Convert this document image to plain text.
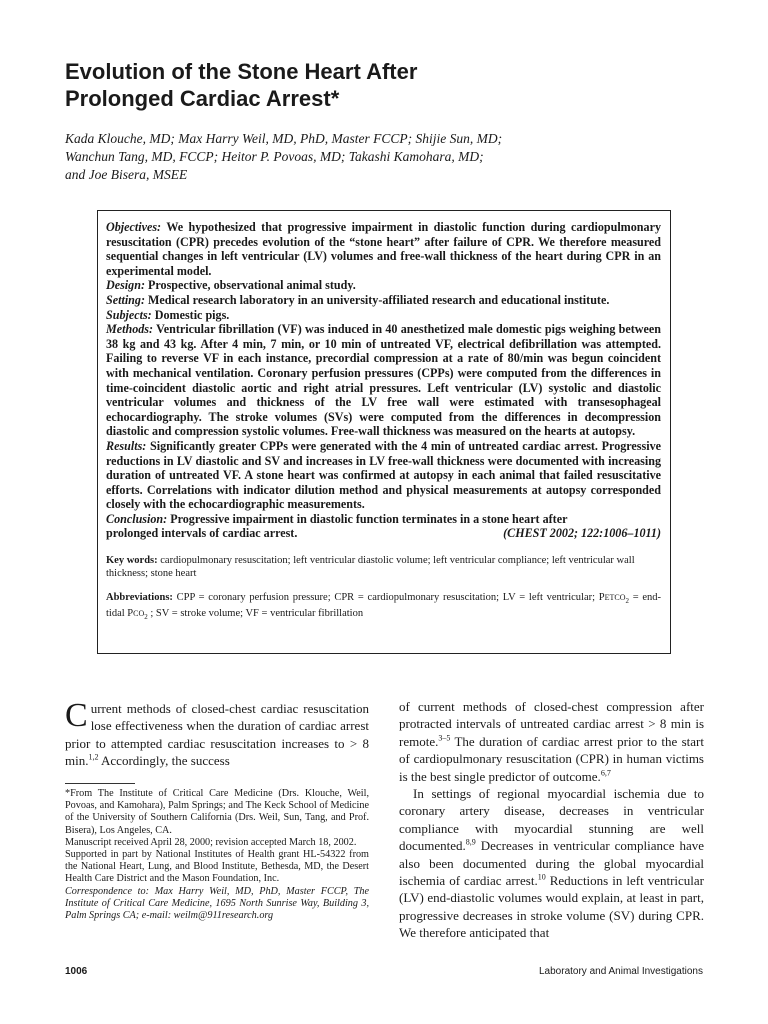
Evolution of the Stone Heart After
Prolonged Cardiac Arrest*
Kada Klouche, MD; Max Harry Weil, MD, PhD, Master FCCP; Shijie Sun, MD;
Wanchun Tang, MD, FCCP; Heitor P. Povoas, MD; Takashi Kamohara, MD;
and Joe Bisera, MSEE

Objectives: We hypothesized that progressive impairment in diastolic function during cardiopulmonary resuscitation (CPR) precedes evolution of the “stone heart” after failure of CPR. We therefore measured sequential changes in left ventricular (LV) volumes and free-wall thickness of the heart during CPR in an experimental model.

Design: Prospective, observational animal study.

Setting: Medical research laboratory in an university-affiliated research and educational institute.

Subjects: Domestic pigs.

Methods: Ventricular fibrillation (VF) was induced in 40 anesthetized male domestic pigs weighing between 38 kg and 43 kg. After 4 min, 7 min, or 10 min of untreated VF, electrical defibrillation was attempted. Failing to reverse VF in each instance, precordial compression at a rate of 80/min was begun coincident with mechanical ventilation. Coronary perfusion pressures (CPPs) were computed from the differences in time-coincident diastolic aortic and right atrial pressures. Left ventricular (LV) systolic and diastolic ventricular volumes and thickness of the LV free wall were estimated with transesophageal echocardiography. The stroke volumes (SVs) were computed from the differences in decompression diastolic and compression systolic volumes. Free-wall thickness was measured on the hearts at autopsy.

Results: Significantly greater CPPs were generated with the 4 min of untreated cardiac arrest. Progressive reductions in LV diastolic and SV and increases in LV free-wall thickness were documented with increasing duration of untreated VF. A stone heart was confirmed at autopsy in each animal that failed resuscitative efforts. Correlations with indicator dilution method and physical measurements at autopsy corresponded closely with the echocardiographic measurements.

Conclusion: Progressive impairment in diastolic function terminates in a stone heart after

prolonged intervals of cardiac arrest.	(CHEST 2002; 122:1006–1011)
Key words: cardiopulmonary resuscitation; left ventricular diastolic volume; left ventricular compliance; left ventricular wall thickness; stone heart
Abbreviations: CPP = coronary perfusion pressure; CPR = cardiopulmonary resuscitation; LV = left ventricular; $PETCO_2$ = end-tidal $PCO_2$ ; SV = stroke volume; VF = ventricular fibrillation
Current methods of closed-chest cardiac resuscitation lose effectiveness when the duration of cardiac arrest prior to attempted cardiac resuscitation increases to > 8 min.$^{1,2}$ Accordingly, the success

*From The Institute of Critical Care Medicine (Drs. Klouche, Weil, Povoas, and Kamohara), Palm Springs; and The Keck School of Medicine of the University of Southern California (Drs. Weil, Sun, Tang, and Prof. Bisera), Los Angeles, CA.

Manuscript received April 28, 2000; revision accepted March 18, 2002.

Supported in part by National Institutes of Health grant HL-54322 from the National Heart, Lung, and Blood Institute, Bethesda, MD, the Desert Health Care District and the Mason Foundation, Inc.

Correspondence to: Max Harry Weil, MD, PhD, Master FCCP, The Institute of Critical Care Medicine, 1695 North Sunrise Way, Building 3, Palm Springs CA; e-mail: weilm@911research.org

of current methods of closed-chest compression after protracted intervals of untreated cardiac arrest > 8 min is remote.$^{3-5}$ The duration of cardiac arrest prior to the start of cardiopulmonary resuscitation (CPR) in human victims is the best single predictor of outcome.$^{6,7}$

In settings of regional myocardial ischemia due to coronary artery disease, decreases in ventricular compliance with myocardial stunning are well documented.$^{8,9}$ Decreases in ventricular compliance have also been documented during the global myocardial ischemia of cardiac arrest.$^{10}$ Reductions in left ventricular (LV) end-diastolic volumes would explain, at least in part, progressive decreases in stroke volume (SV) during CPR. We therefore anticipated that

1006	Laboratory and Animal Investigations
